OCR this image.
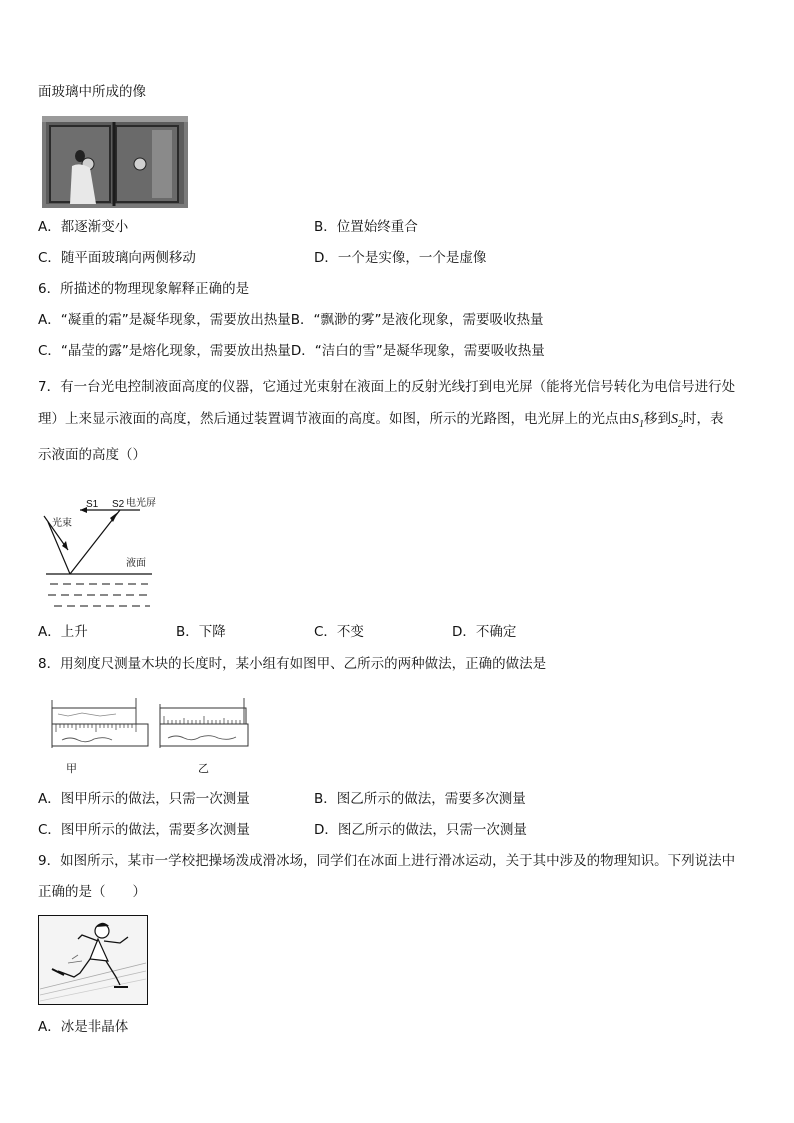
面玻璃中所成的像
A．都逐渐变小	B．位置始终重合
C．随平面玻璃向两侧移动	D．一个是实像，一个是虚像
6．所描述的物理现象解释正确的是
A．“凝重的霜”是凝华现象，需要放出热量B．“飘渺的雾”是液化现象，需要吸收热量
C．“晶莹的露”是熔化现象，需要放出热量D．“洁白的雪”是凝华现象，需要吸收热量
7．有一台光电控制液面高度的仪器，它通过光束射在液面上的反射光线打到电光屏（能将光信号转化为电信号进行处
理）上来显示液面的高度，然后通过装置调节液面的高度。如图，所示的光路图，电光屏上的光点由$S_1$移到$S_2$时，表
示液面的高度（）
S1 S2 电光屏
光束
液面
A．上升	B．下降	C．不变	D．不确定
8．用刻度尺测量木块的长度时，某小组有如图甲、乙所示的两种做法，正确的做法是
甲	乙
A．图甲所示的做法，只需一次测量	B．图乙所示的做法，需要多次测量
C．图甲所示的做法，需要多次测量	D．图乙所示的做法，只需一次测量
9．如图所示，某市一学校把操场泼成滑冰场，同学们在冰面上进行滑冰运动，关于其中涉及的物理知识。下列说法中
正确的是（　　）
A．冰是非晶体
